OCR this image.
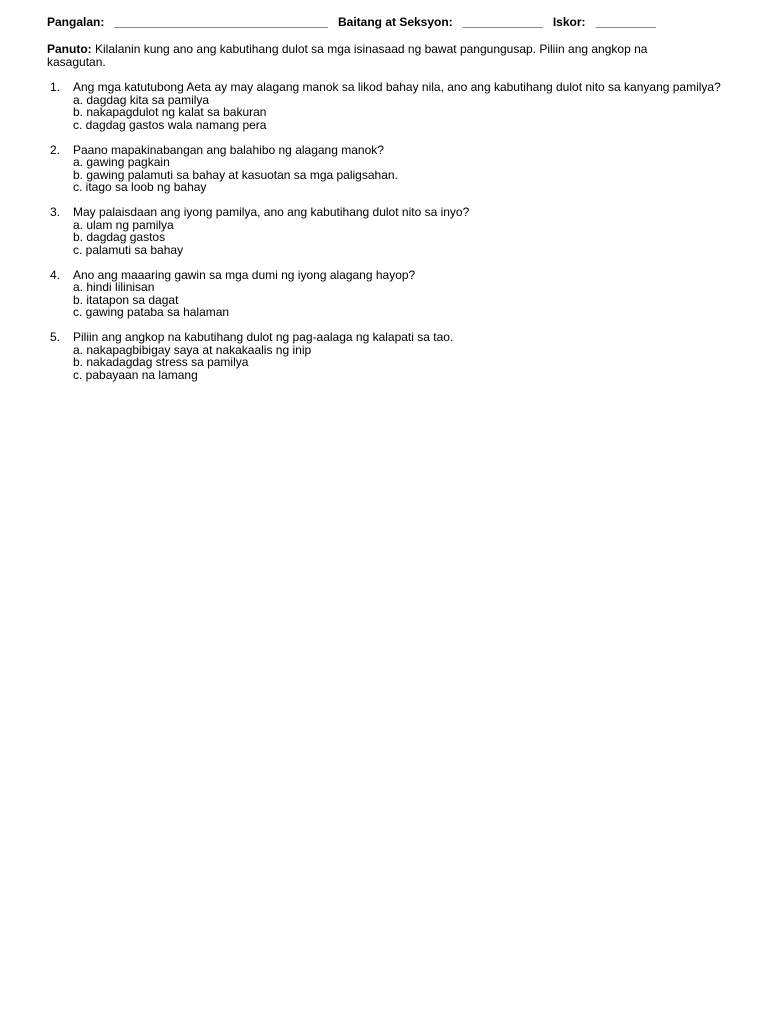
Pangalan: ________________________________ Baitang at Seksyon: ____________ Iskor: _________
Panuto: Kilalanin kung ano ang kabutihang dulot sa mga isinasaad ng bawat pangungusap. Piliin ang angkop na kasagutan.
1.	Ang mga katutubong Aeta ay may alagang manok sa likod bahay nila, ano ang kabutihang dulot nito sa kanyang pamilya?
a. dagdag kita sa pamilya
b. nakapagdulot ng kalat sa bakuran
c. dagdag gastos wala namang pera
2.	Paano mapakinabangan ang balahibo ng alagang manok?
a. gawing pagkain
b. gawing palamuti sa bahay at kasuotan sa mga paligsahan.
c. itago sa loob ng bahay
3.	May palaisdaan ang iyong pamilya, ano ang kabutihang dulot nito sa inyo?
a. ulam ng pamilya
b. dagdag gastos
c. palamuti sa bahay
4.	Ano ang maaaring gawin sa mga dumi ng iyong alagang hayop?
a. hindi lilinisan
b. itatapon sa dagat
c. gawing pataba sa halaman
5.	Piliin ang angkop na kabutihang dulot ng pag-aalaga ng kalapati sa tao.
a. nakapagbibigay saya at nakakaalis ng inip
b. nakadagdag stress sa pamilya
c. pabayaan na lamang
